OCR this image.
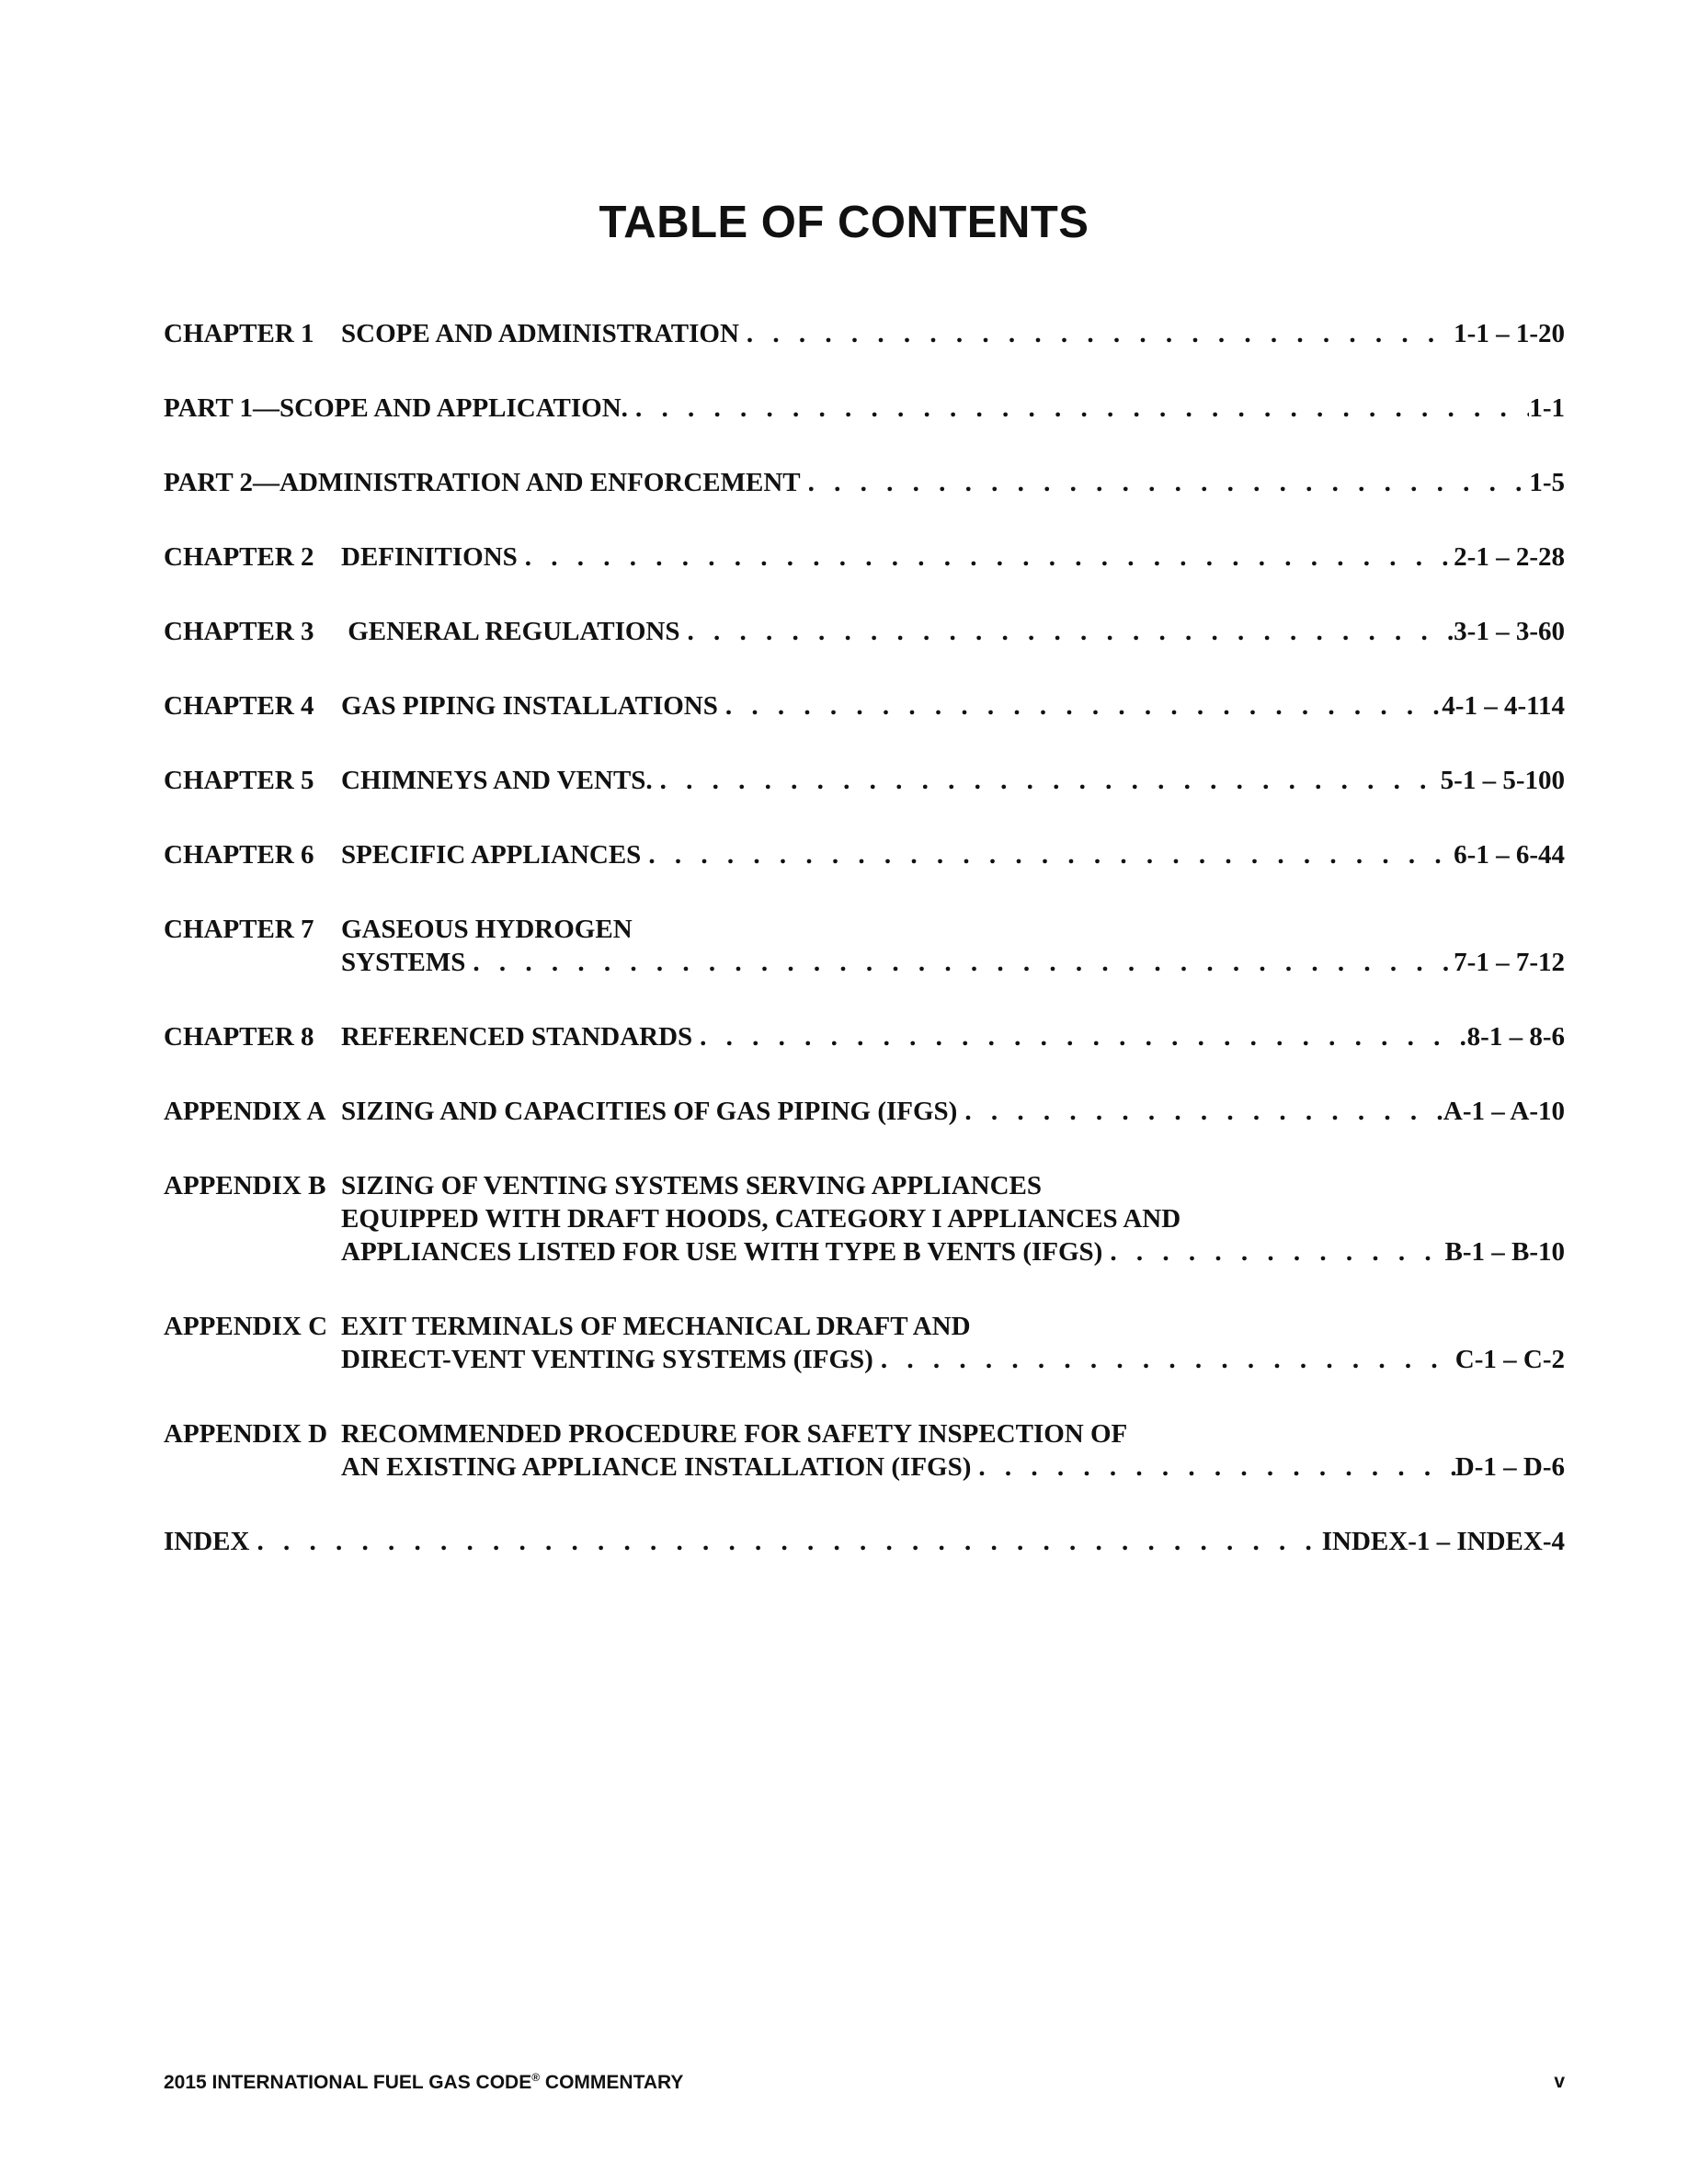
TABLE OF CONTENTS
CHAPTER 1	SCOPE AND ADMINISTRATION . . .	1-1 – 1-20
PART 1—SCOPE AND APPLICATION. . . .	1-1
PART 2—ADMINISTRATION AND ENFORCEMENT . . .	1-5
CHAPTER 2	DEFINITIONS . . .	2-1 – 2-28
CHAPTER 3	GENERAL REGULATIONS . . .	3-1 – 3-60
CHAPTER 4	GAS PIPING INSTALLATIONS . . .	4-1 – 4-114
CHAPTER 5	CHIMNEYS AND VENTS. . . .	5-1 – 5-100
CHAPTER 6	SPECIFIC APPLIANCES . . .	6-1 – 6-44
CHAPTER 7	GASEOUS HYDROGEN
SYSTEMS . . .	7-1 – 7-12
CHAPTER 8	REFERENCED STANDARDS . . .	8-1 – 8-6
APPENDIX A SIZING AND CAPACITIES OF GAS PIPING (IFGS) . . .	A-1 – A-10
APPENDIX B SIZING OF VENTING SYSTEMS SERVING APPLIANCES
EQUIPPED WITH DRAFT HOODS, CATEGORY I APPLIANCES AND
APPLIANCES LISTED FOR USE WITH TYPE B VENTS (IFGS) . . .	B-1 – B-10
APPENDIX C EXIT TERMINALS OF MECHANICAL DRAFT AND
DIRECT-VENT VENTING SYSTEMS (IFGS) . . .	C-1 – C-2
APPENDIX D RECOMMENDED PROCEDURE FOR SAFETY INSPECTION OF
AN EXISTING APPLIANCE INSTALLATION (IFGS) . . .	D-1 – D-6
INDEX . . .	INDEX-1 – INDEX-4
2015 INTERNATIONAL FUEL GAS CODE® COMMENTARY	v
